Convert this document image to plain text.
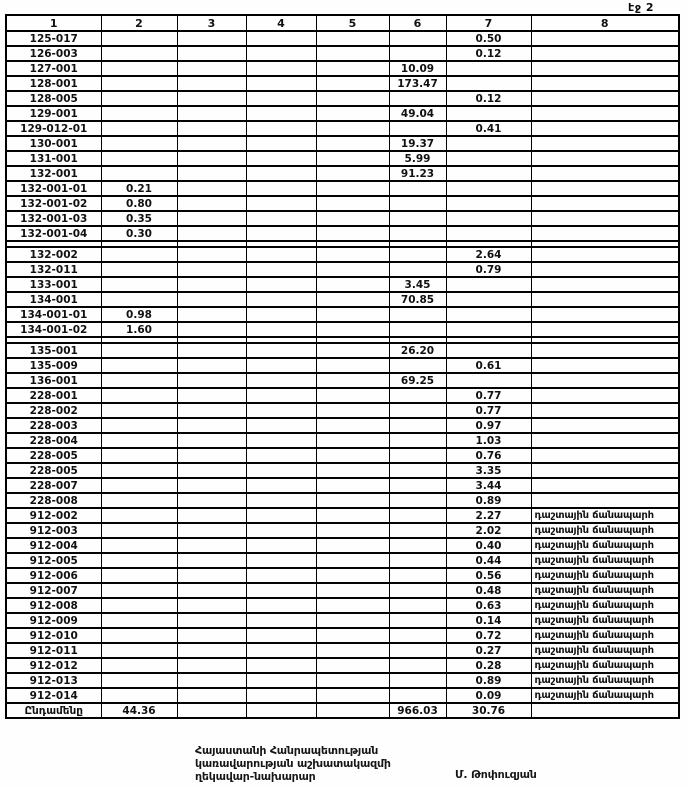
էջ 2
1	2	3	4	5	6	7	8
125-017						0.50	
126-003						0.12	
127-001					10.09		
128-001					173.47		
128-005						0.12	
129-001					49.04		
129-012-01						0.41	
130-001					19.37		
131-001					5.99		
132-001					91.23		
132-001-01	0.21						
132-001-02	0.80						
132-001-03	0.35						
132-001-04	0.30						

132-002						2.64	
132-011						0.79	
133-001					3.45		
134-001					70.85		
134-001-01	0.98						
134-001-02	1.60						

135-001					26.20		
135-009						0.61	
136-001					69.25		
228-001						0.77	
228-002						0.77	
228-003						0.97	
228-004						1.03	
228-005						0.76	
228-005						3.35	
228-007						3.44	
228-008						0.89	
912-002						2.27	դաշտային ճանապարհ
912-003						2.02	դաշտային ճանապարհ
912-004						0.40	դաշտային ճանապարհ
912-005						0.44	դաշտային ճանապարհ
912-006						0.56	դաշտային ճանապարհ
912-007						0.48	դաշտային ճանապարհ
912-008						0.63	դաշտային ճանապարհ
912-009						0.14	դաշտային ճանապարհ
912-010						0.72	դաշտային ճանապարհ
912-011						0.27	դաշտային ճանապարհ
912-012						0.28	դաշտային ճանապարհ
912-013						0.89	դաշտային ճանապարհ
912-014						0.09	դաշտային ճանապարհ
Ընդամենը	44.36				966.03	30.76	
Հայաստանի Հանրապետության
կառավարության աշխատակազմի
ղեկավար-նախարար	Մ. Թոփուզյան
